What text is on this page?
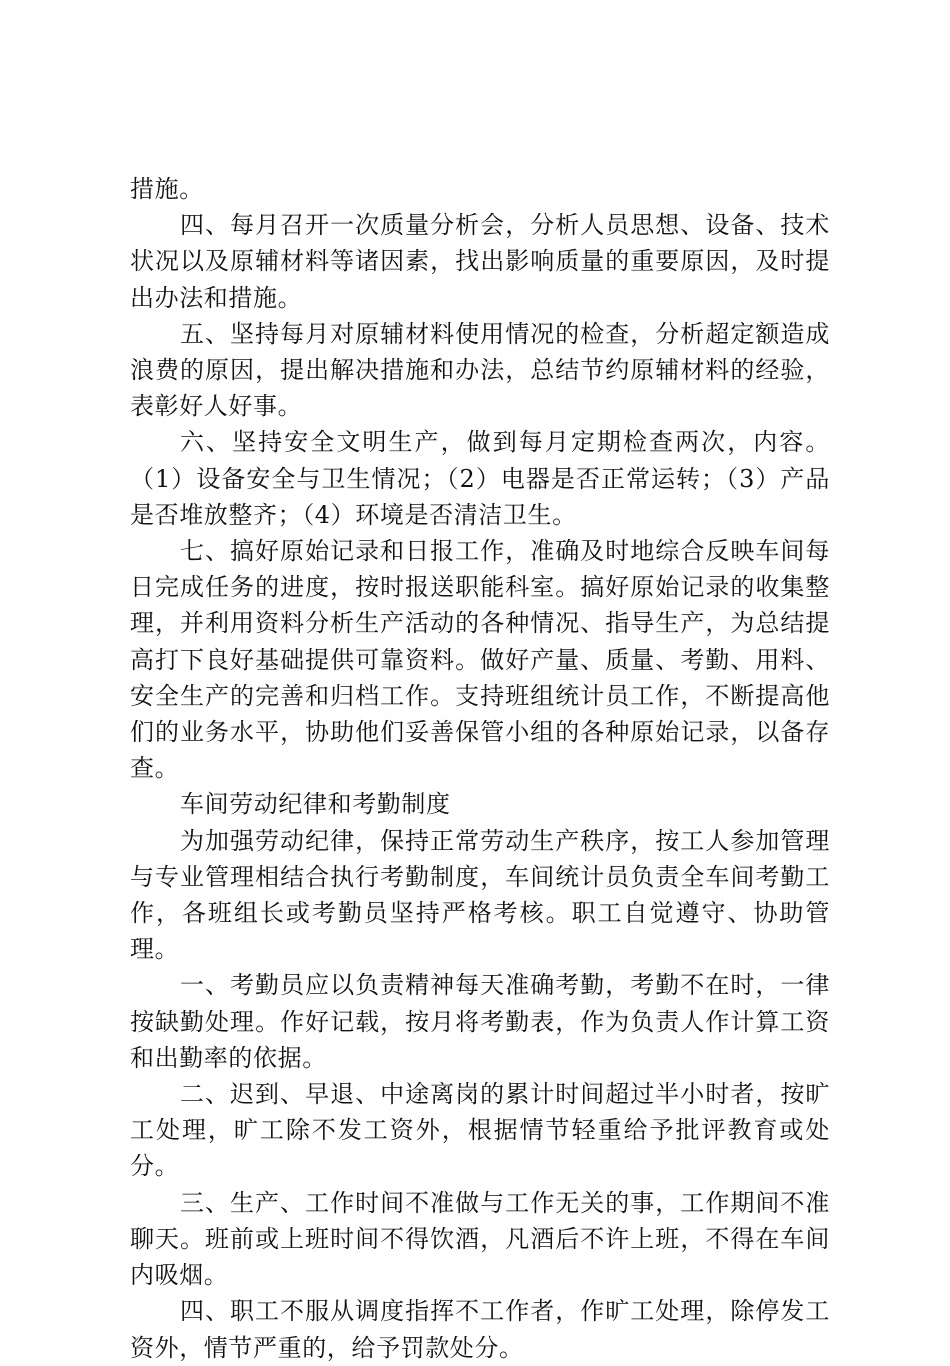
措施。

四、每月召开一次质量分析会，分析人员思想、设备、技术状况以及原辅材料等诸因素，找出影响质量的重要原因，及时提出办法和措施。

五、坚持每月对原辅材料使用情况的检查，分析超定额造成浪费的原因，提出解决措施和办法，总结节约原辅材料的经验，表彰好人好事。

六、坚持安全文明生产，做到每月定期检查两次，内容。（1）设备安全与卫生情况；（2）电器是否正常运转；（3）产品是否堆放整齐；（4）环境是否清洁卫生。

七、搞好原始记录和日报工作，准确及时地综合反映车间每日完成任务的进度，按时报送职能科室。搞好原始记录的收集整理，并利用资料分析生产活动的各种情况、指导生产，为总结提高打下良好基础提供可靠资料。做好产量、质量、考勤、用料、安全生产的完善和归档工作。支持班组统计员工作，不断提高他们的业务水平，协助他们妥善保管小组的各种原始记录，以备存查。

车间劳动纪律和考勤制度

为加强劳动纪律，保持正常劳动生产秩序，按工人参加管理与专业管理相结合执行考勤制度，车间统计员负责全车间考勤工作，各班组长或考勤员坚持严格考核。职工自觉遵守、协助管理。

一、考勤员应以负责精神每天准确考勤，考勤不在时，一律按缺勤处理。作好记载，按月将考勤表，作为负责人作计算工资和出勤率的依据。

二、迟到、早退、中途离岗的累计时间超过半小时者，按旷工处理，旷工除不发工资外，根据情节轻重给予批评教育或处分。

三、生产、工作时间不准做与工作无关的事，工作期间不准聊天。班前或上班时间不得饮酒，凡酒后不许上班，不得在车间内吸烟。

四、职工不服从调度指挥不工作者，作旷工处理，除停发工资外，情节严重的，给予罚款处分。
